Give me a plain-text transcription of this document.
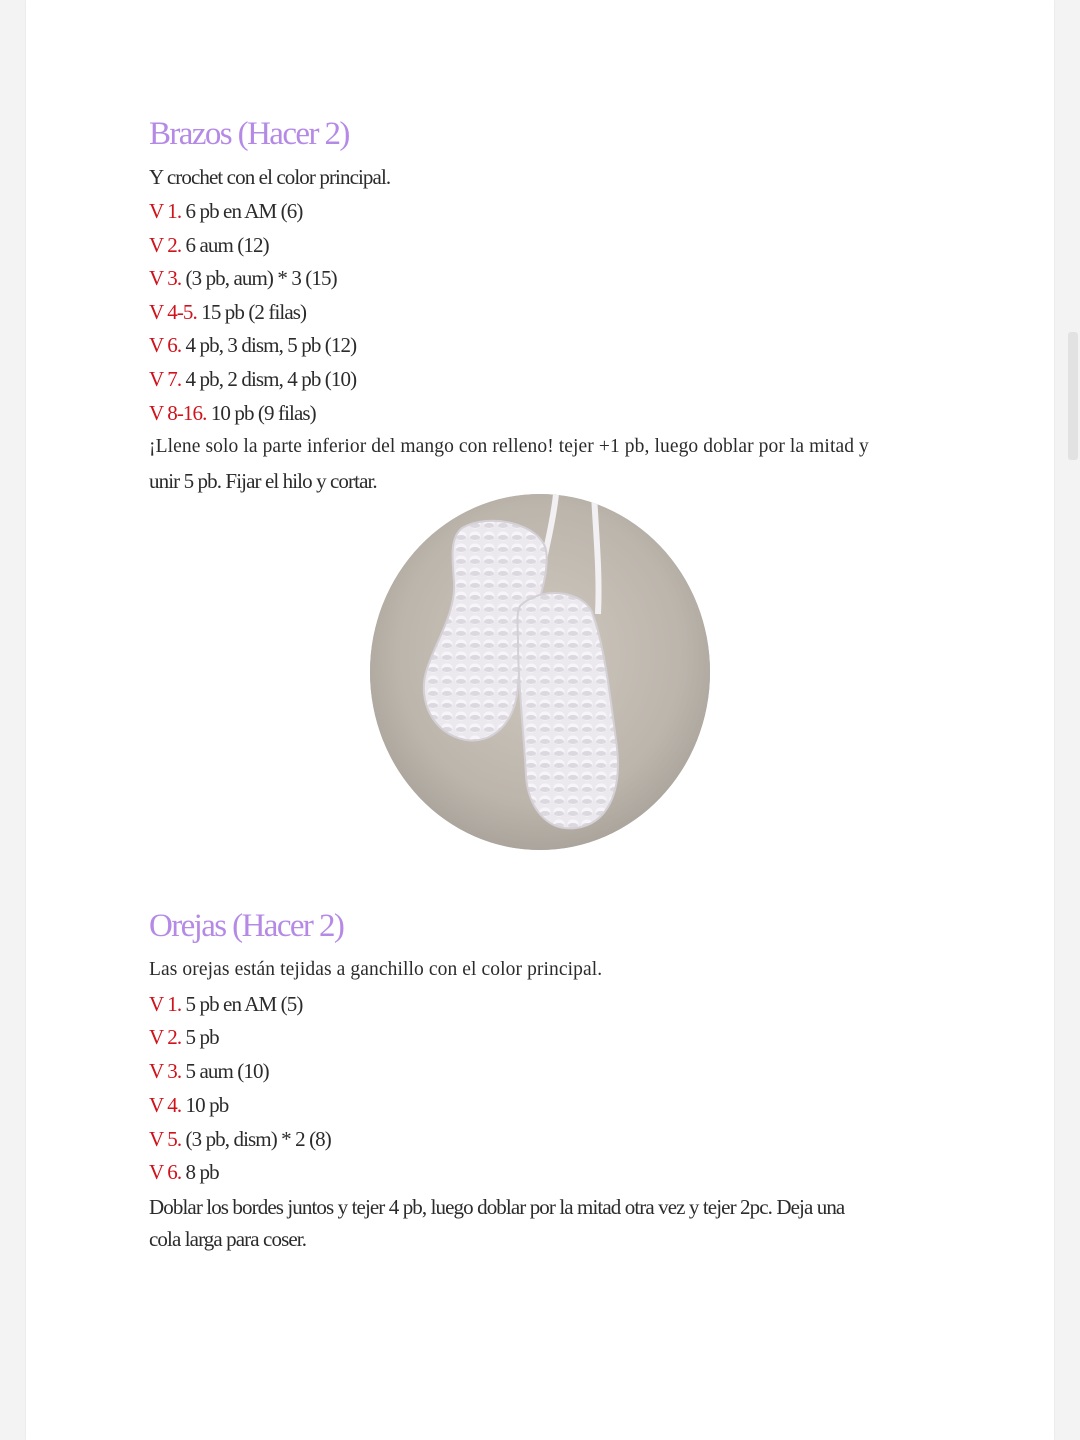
Brazos (Hacer 2)
Y crochet con el color principal.
V 1. 6 pb en AM (6)
V 2. 6 aum (12)
V 3. (3 pb, aum) * 3 (15)
V 4-5. 15 pb (2 filas)
V 6. 4 pb, 3 dism, 5 pb (12)
V 7. 4 pb, 2 dism, 4 pb (10)
V 8-16. 10 pb (9 filas)
¡Llene solo la parte inferior del mango con relleno! tejer +1 pb, luego doblar por la mitad y
unir 5 pb. Fijar el hilo y cortar.
Orejas (Hacer 2)
Las orejas están tejidas a ganchillo con el color principal.
V 1. 5 pb en AM (5)
V 2. 5 pb
V 3. 5 aum (10)
V 4. 10 pb
V 5. (3 pb, dism) * 2 (8)
V 6. 8 pb
Doblar los bordes juntos y tejer 4 pb, luego doblar por la mitad otra vez y tejer 2pc. Deja una
cola larga para coser.
